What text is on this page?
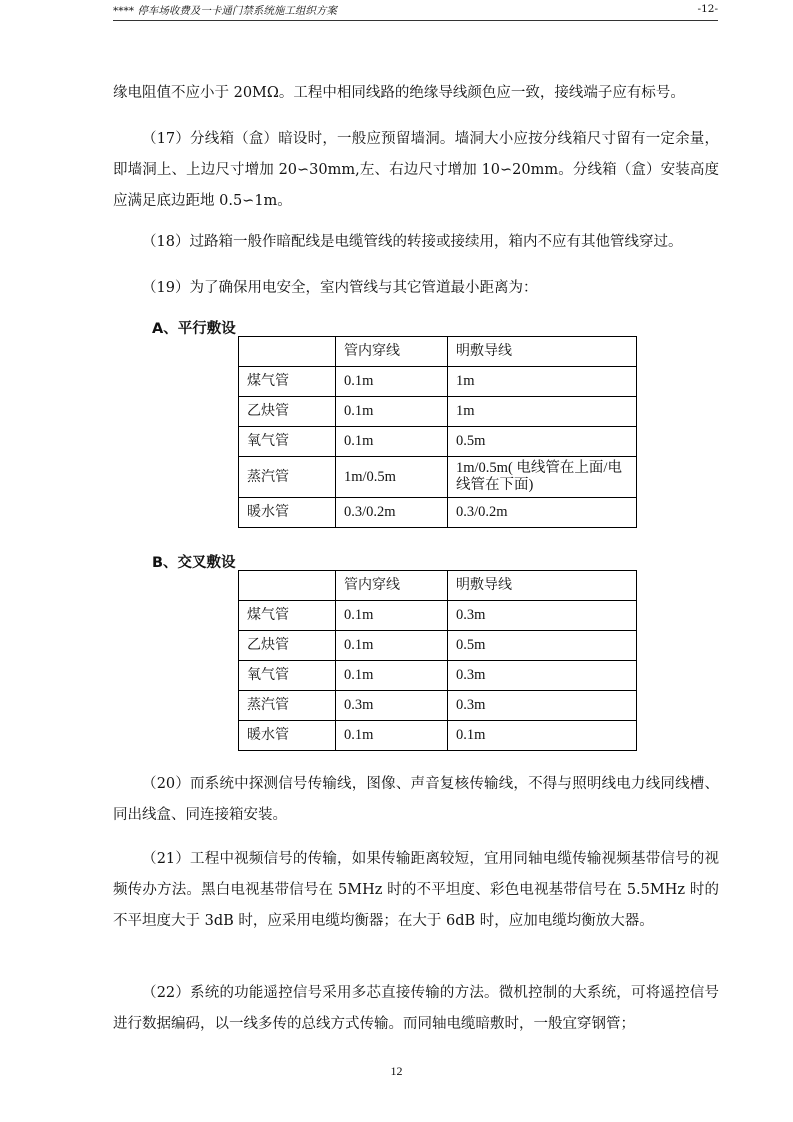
**** 停车场收费及一卡通门禁系统施工组织方案	-12-

缘电阻值不应小于 20MΩ。工程中相同线路的绝缘导线颜色应一致，接线端子应有标号。

（17）分线箱（盒）暗设时，一般应预留墙洞。墙洞大小应按分线箱尺寸留有一定余量，即墙洞上、上边尺寸增加 20∽30mm,左、右边尺寸增加 10∽20mm。分线箱（盒）安装高度应满足底边距地 0.5∽1m。

（18）过路箱一般作暗配线是电缆管线的转接或接续用，箱内不应有其他管线穿过。

（19）为了确保用电安全，室内管线与其它管道最小距离为：

A、平行敷设

	管内穿线	明敷导线
煤气管	0.1m	1m
乙炔管	0.1m	1m
氧气管	0.1m	0.5m
蒸汽管	1m/0.5m	1m/0.5m( 电线管在上面/电线管在下面)
暖水管	0.3/0.2m	0.3/0.2m

B、交叉敷设

	管内穿线	明敷导线
煤气管	0.1m	0.3m
乙炔管	0.1m	0.5m
氧气管	0.1m	0.3m
蒸汽管	0.3m	0.3m
暖水管	0.1m	0.1m

（20）而系统中探测信号传输线，图像、声音复核传输线，不得与照明线电力线同线槽、同出线盒、同连接箱安装。

（21）工程中视频信号的传输，如果传输距离较短，宜用同轴电缆传输视频基带信号的视频传办方法。黑白电视基带信号在 5MHz 时的不平坦度、彩色电视基带信号在 5.5MHz 时的不平坦度大于 3dB 时，应采用电缆均衡器；在大于 6dB 时，应加电缆均衡放大器。

（22）系统的功能遥控信号采用多芯直接传输的方法。微机控制的大系统，可将遥控信号进行数据编码，以一线多传的总线方式传输。而同轴电缆暗敷时，一般宜穿钢管；

12
